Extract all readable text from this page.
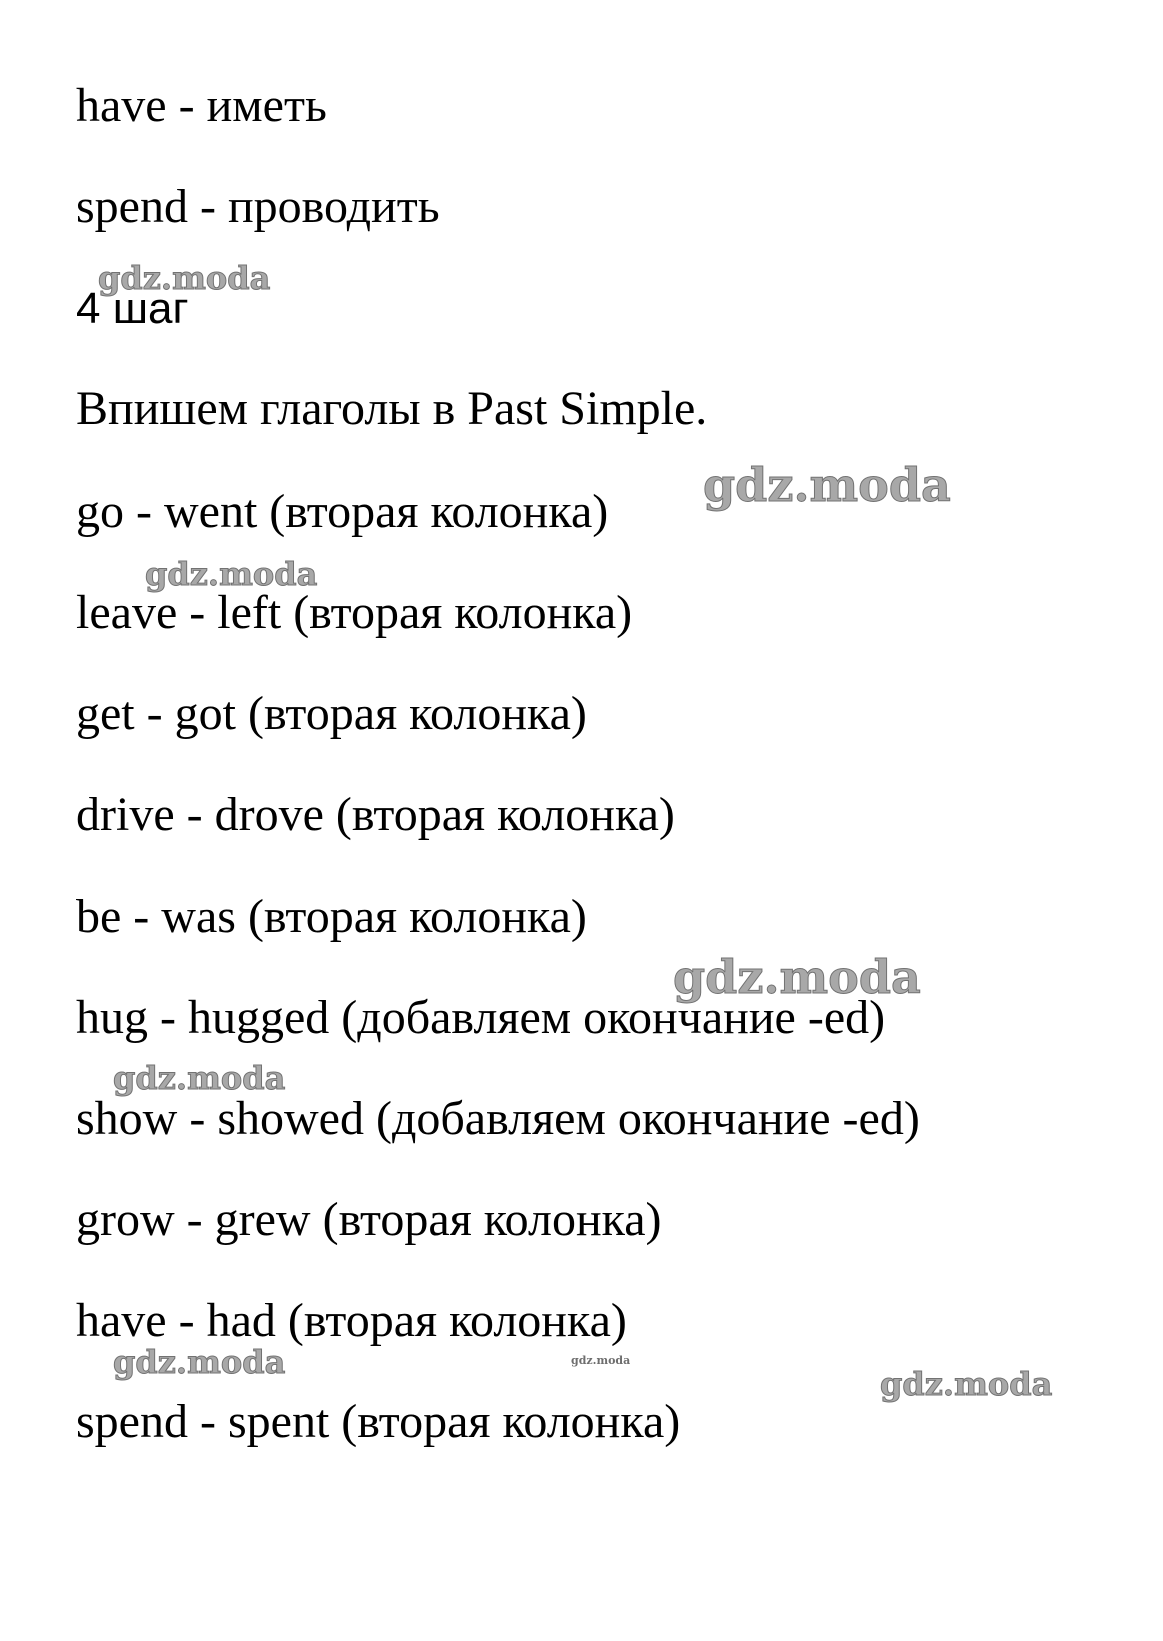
have - иметь
spend - проводить
4 шаг
Впишем глаголы в Past Simple.
go - went (вторая колонка)
leave - left (вторая колонка)
get - got (вторая колонка)
drive - drove (вторая колонка)
be - was (вторая колонка)
hug - hugged (добавляем окончание -ed)
show - showed (добавляем окончание -ed)
grow - grew (вторая колонка)
have - had (вторая колонка)
spend - spent (вторая колонка)
gdz.moda
gdz.moda
gdz.moda
gdz.moda
gdz.moda
gdz.moda	gdz.moda
gdz.moda
